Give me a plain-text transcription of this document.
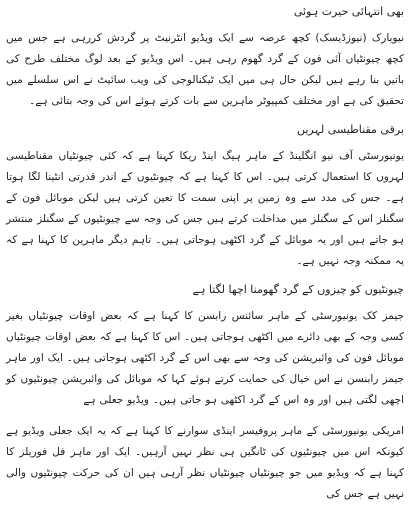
بھی انتہائی حیرت ہوئی

نیویارک (نیوزڈیسک) کچھ عرصہ سے ایک ویڈیو انٹرنیٹ پر گردش کررہی ہے جس میں کچھ چیونٹیاں آئی فون کے گرد گھوم رہی ہیں۔ اس ویڈیو کے بعد لوگ مختلف طرح کی باتیں بنا رہے ہیں لیکن حال ہی میں ایک ٹیکنالوجی کی ویب سائیٹ نے اس سلسلے میں تحقیق کی ہے اور مختلف کمپیوٹر ماہرین سے بات کرتے ہوئے اس کی وجہ بتائی ہے۔

برقی مقناطیسی لہریں

یونیورسٹی آف نیو انگلینڈ کے ماہر ہیگ اینڈ ریکا کہنا ہے کہ کئی چیونٹیاں مقناطیسی لہروں کا استعمال کرتی ہیں۔ اس کا کہنا ہے کہ چیونٹیوں کے اندر قدرتی انٹینا لگا ہوتا ہے۔ جس کی مدد سے وہ زمین پر اپنی سمت کا تعین کرتی ہیں لیکن موبائل فون کے سگنلز اس کے سگنلز میں مداخلت کرتے ہیں جس کی وجہ سے چیونٹیوں کے سگنلز منتشر ہو جاتے ہیں اور یہ موبائل کے گرد اکٹھی ہوجاتی ہیں۔ تاہم دیگر ماہرین کا کہنا ہے کہ یہ ممکنہ وجہ نہیں ہے۔

چیونٹیوں کو چیزوں کے گرد گھومنا اچھا لگتا ہے

جیمز کک یونیورسٹی کے ماہر سائنس رابسن کا کہنا ہے کہ بعض اوقات چیونٹیاں بغیر کسی وجہ کے بھی دائرے میں اکٹھی ہوجاتی ہیں۔ اس کا کہنا ہے کہ بعض اوقات چیونٹیاں موبائل فون کی وائبریشن کی وجہ سے بھی اس کے گرد اکٹھی ہوجاتی ہیں۔ ایک اور ماہر جیمز رابنسن نے اس خیال کی حمایت کرتے ہوئے کہا کہ موبائل کی وائبریشن چیونٹیوں کو اچھی لگتی ہیں اور وہ اس کے گرد اکٹھی ہو جاتی ہیں۔ ویڈیو جعلی ہے

امریکی یونیورسٹی کے ماہر پروفیسر اینڈی سوارنے کا کہنا ہے کہ یہ ایک جعلی ویڈیو ہے کیونکہ اس میں چیونٹیوں کی ٹانگیں ہی نظر نہیں آرہیں۔ ایک اور ماہر فل فوریلز کا کہنا ہے کہ ویڈیو میں جو چیونٹیاں چیونٹیاں نظر آرہی ہیں ان کی حرکت چیونٹیوں والی نہیں ہے جس کی
